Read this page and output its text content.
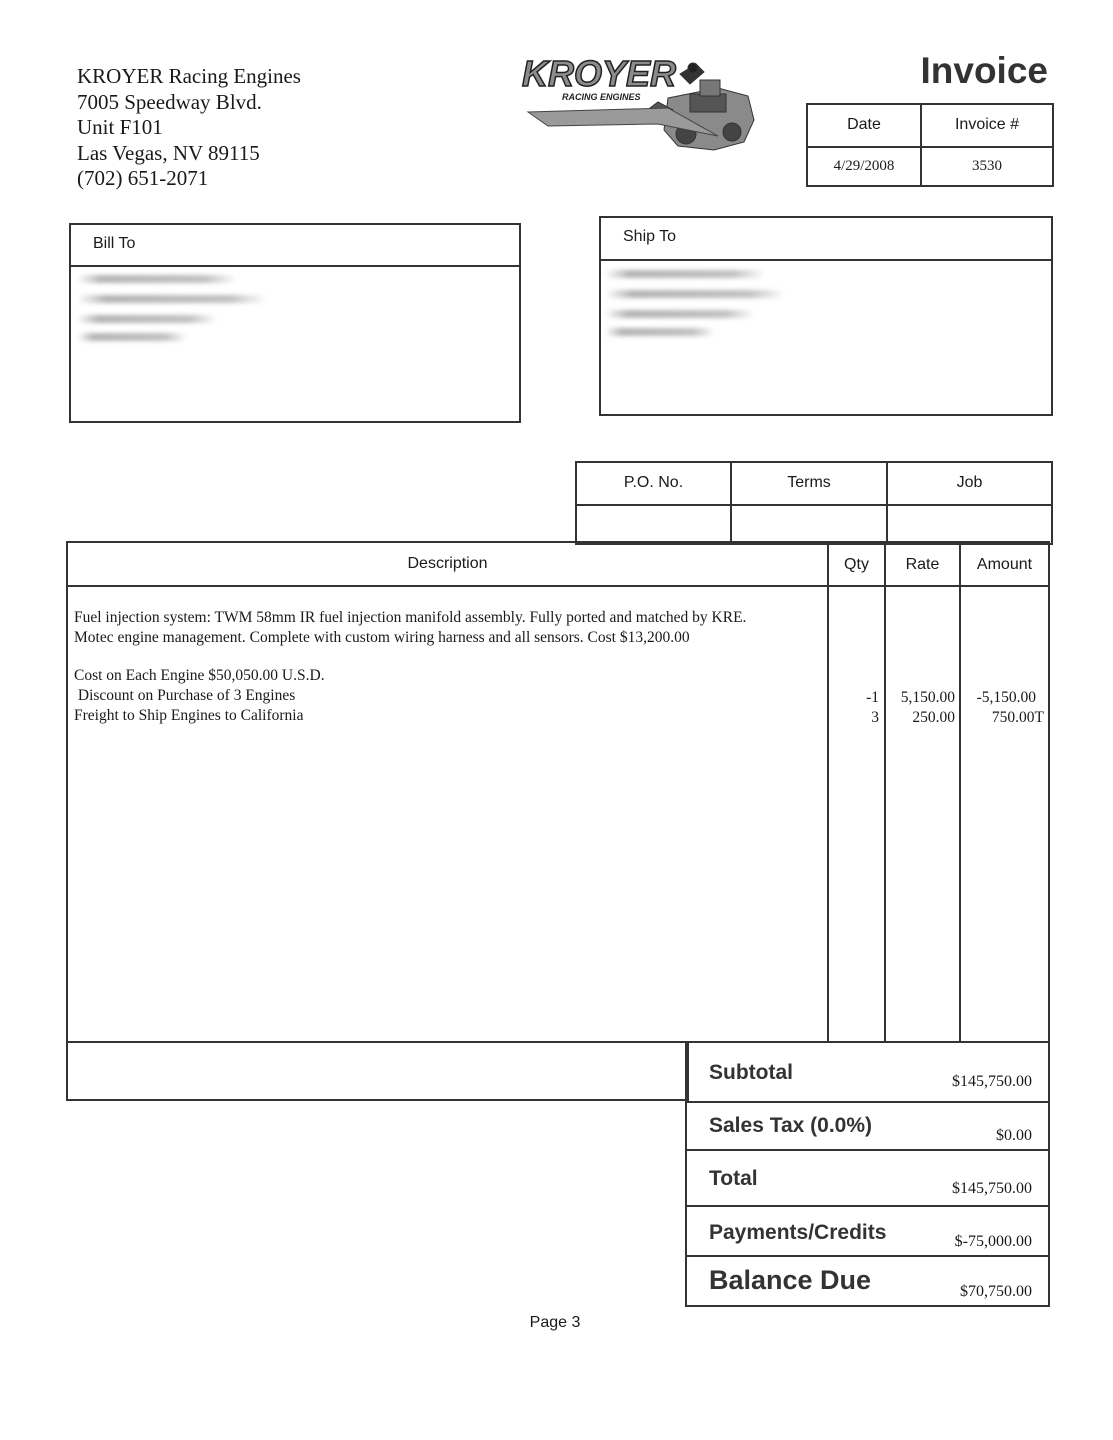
KROYER Racing Engines
7005 Speedway Blvd.
Unit F101
Las Vegas, NV 89115
(702) 651-2071
KROYER
RACING ENGINES
Invoice
Date	Invoice #
4/29/2008	3530
Bill To	Ship To
P.O. No.	Terms	Job
Description	Qty	Rate	Amount
Fuel injection system: TWM 58mm IR fuel injection manifold assembly. Fully ported and matched by KRE.
Motec engine management. Complete with custom wiring harness and all sensors. Cost $13,200.00
Cost on Each Engine $50,050.00 U.S.D.
Discount on Purchase of 3 Engines	-1	5,150.00	-5,150.00
Freight to Ship Engines to California	3	250.00	750.00T
Subtotal	$145,750.00
Sales Tax (0.0%)	$0.00
Total	$145,750.00
Payments/Credits	$-75,000.00
Balance Due	$70,750.00
Page 3
